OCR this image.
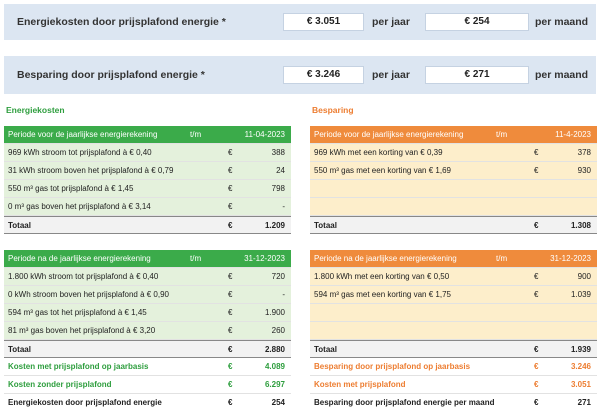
Energiekosten door prijsplafond energie *	€ 3.051	per jaar	€ 254	per maand
Besparing door prijsplafond energie *	€ 3.246	per jaar	€ 271	per maand
Energiekosten	Besparing
Periode voor de jaarlijkse energierekening	t/m	11-04-2023
969 kWh stroom tot prijsplafond à € 0,40	€	388
31 kWh stroom boven het prijsplafond à € 0,79	€	24
550 m³ gas tot prijsplafond à € 1,45	€	798
0 m³ gas boven het prijsplafond à € 3,14	€	-
Totaal	€	1.209
Periode voor de jaarlijkse energierekening	t/m	11-4-2023
969 kWh met een korting van € 0,39	€	378
550 m³ gas met een korting van € 1,69	€	930
Totaal	€	1.308
Periode na de jaarlijkse energierekening	t/m	31-12-2023
1.800 kWh stroom tot prijsplafond à € 0,40	€	720
0 kWh stroom boven het prijsplafond à € 0,90	€	-
594 m³ gas tot het prijsplafond à € 1,45	€	1.900
81 m³ gas boven het prijsplafond à € 3,20	€	260
Totaal	€	2.880
Kosten met prijsplafond op jaarbasis	€	4.089
Kosten zonder prijsplafond	€	6.297
Energiekosten door prijsplafond energie	€	254
Periode na de jaarlijkse energierekening	t/m	31-12-2023
1.800 kWh met een korting van € 0,50	€	900
594 m³ gas met een korting van € 1,75	€	1.039
Totaal	€	1.939
Besparing door prijsplafond op jaarbasis	€	3.246
Kosten met prijsplafond	€	3.051
Besparing door prijsplafond energie per maand	€	271
